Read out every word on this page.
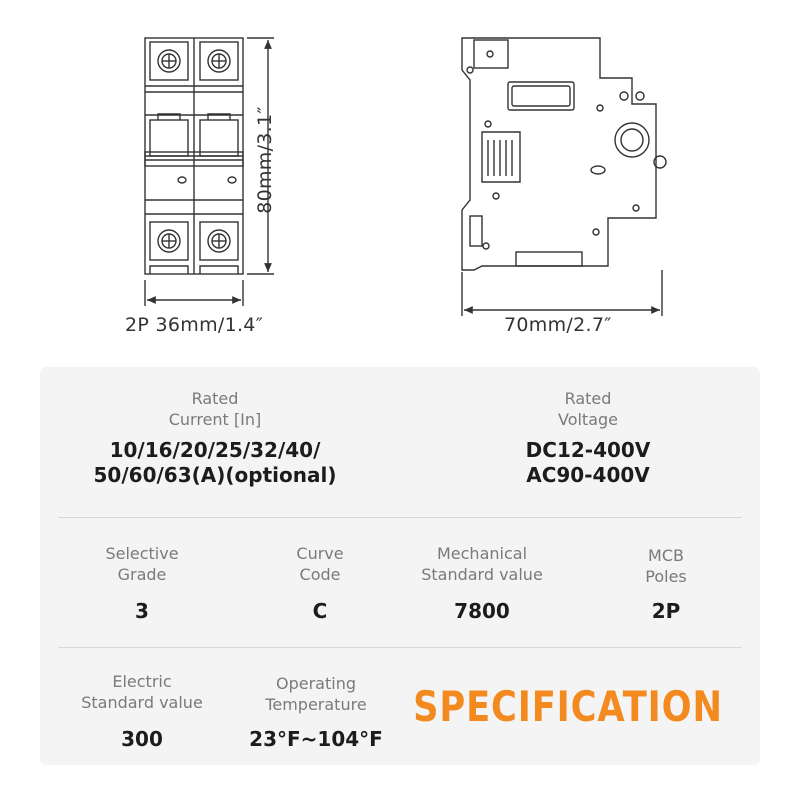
2P 36mm/1.4″
80mm/3.1″
70mm/2.7″
Rated
Current [In]
10/16/20/25/32/40/
50/60/63(A)(optional)
Rated
Voltage
DC12-400V
AC90-400V
Selective
Grade
3
Curve
Code
C
Mechanical
Standard value
7800
MCB
Poles
2P
Electric
Standard value
300
Operating
Temperature
23°F~104°F
SPECIFICATION
